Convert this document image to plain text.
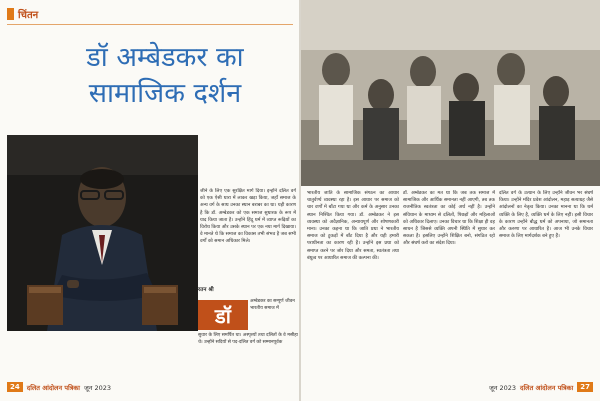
चिंतन
डॉ अम्बेडकर का
सामाजिक दर्शन
जीने के लिए एक सुरक्षित मार्ग दिया। इन्होंने दलित वर्ग को एक ऐसी धारा में लाकर खड़ा किया, जहाँ समाज के अन्य वर्ग के साथ उनका स्थान बराबर का था। यही कारण है कि डॉ. अम्बेडकर को एक समाज सुधारक के रूप में याद किया जाता है। उन्होंने हिंदू धर्म में व्याप्त रूढ़ियों का विरोध किया और उसके स्थान पर एक नया मार्ग दिखाया। वे मानते थे कि समाज का विकास तभी संभव है जब सभी वर्गों को समान अधिकार मिले।
रतन श्री
डॉ
अम्बेडकर का सम्पूर्ण जीवन भारतीय समाज में
सुधार के लिए समर्पित था। अस्पृश्यों तथा दलितों के वे मसीहा थे। उन्होंने सदियों से पद-दलित वर्ग को सम्मानपूर्वक
24	दलित आंदोलन पत्रिका जून 2023
भारतीय जाति के सामाजिक संगठन का आधार चातुर्वर्ण्य व्यवस्था रहा है। इस आधार पर समाज को चार वर्णों में बाँटा गया था और कर्म के अनुसार उनका स्थान निश्चित किया गया। डॉ. अम्बेडकर ने इस व्यवस्था को अवैज्ञानिक, अन्यायपूर्ण और शोषणकारी माना। उनका कहना था कि जाति प्रथा ने भारतीय समाज को टुकड़ों में बाँट दिया है और यही हमारी पराधीनता का कारण रही है। उन्होंने इस प्रथा को समाप्त करने पर जोर दिया और समता, स्वतंत्रता तथा बंधुत्व पर आधारित समाज की कल्पना की।
डॉ. अम्बेडकर का मत था कि जब तक समाज में सामाजिक और आर्थिक समानता नहीं आएगी, तब तक राजनीतिक स्वतंत्रता का कोई अर्थ नहीं है। उन्होंने संविधान के माध्यम से दलितों, पिछड़ों और महिलाओं को अधिकार दिलाए। उनका विचार था कि शिक्षा ही वह साधन है जिससे व्यक्ति अपनी स्थिति में सुधार कर सकता है। इसलिए उन्होंने शिक्षित बनो, संगठित रहो और संघर्ष करो का संदेश दिया।
दलित वर्ग के उत्थान के लिए उन्होंने जीवन भर संघर्ष किया। उन्होंने मंदिर प्रवेश आंदोलन, महाड़ सत्याग्रह जैसे आंदोलनों का नेतृत्व किया। उनका मानना था कि धर्म व्यक्ति के लिए है, व्यक्ति धर्म के लिए नहीं। इसी विचार के कारण उन्होंने बौद्ध धर्म को अपनाया, जो समानता और करुणा पर आधारित है। आज भी उनके विचार समाज के लिए मार्गदर्शक बने हुए हैं।
जून 2023 दलित आंदोलन पत्रिका	27
